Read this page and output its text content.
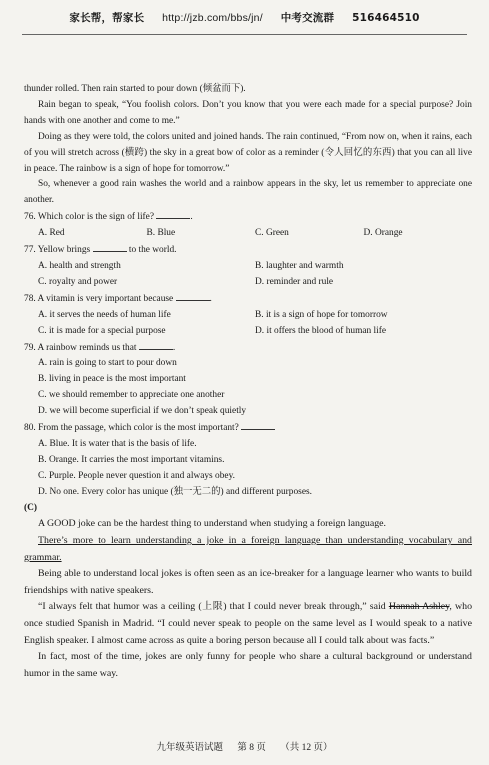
家长帮，帮家长 http://jzb.com/bbs/jn/ 中考交流群 516464510

thunder rolled. Then rain started to pour down (倾盆而下).

Rain began to speak, “You foolish colors. Don’t you know that you were each made for a special purpose? Join hands with one another and come to me.”

Doing as they were told, the colors united and joined hands. The rain continued, “From now on, when it rains, each of you will stretch across (横跨) the sky in a great bow of color as a reminder (令人回忆的东西) that you can all live in peace. The rainbow is a sign of hope for tomorrow.”

So, whenever a good rain washes the world and a rainbow appears in the sky, let us remember to appreciate one another.

76. Which color is the sign of life?	.

A. Red	B. Blue	C. Green	D. Orange

77. Yellow brings	to the world.

A. health and strength	B. laughter and warmth
C. royalty and power	D. reminder and rule

78. A vitamin is very important because	.

A. it serves the needs of human life	B. it is a sign of hope for tomorrow
C. it is made for a special purpose	D. it offers the blood of human life

79. A rainbow reminds us that	.

A. rain is going to start to pour down
B. living in peace is the most important
C. we should remember to appreciate one another
D. we will become superficial if we don’t speak quietly

80. From the passage, which color is the most important?

A. Blue. It is water that is the basis of life.
B. Orange. It carries the most important vitamins.
C. Purple. People never question it and always obey.
D. No one. Every color has unique (独一无二的) and different purposes.

(C)

A GOOD joke can be the hardest thing to understand when studying a foreign language.

There’s more to learn understanding a joke in a foreign language than understanding vocabulary and grammar.

Being able to understand local jokes is often seen as an ice-breaker for a language learner who wants to build friendships with native speakers.

“I always felt that humor was a ceiling (上限) that I could never break through,” said Hannah Ashley, who once studied Spanish in Madrid. “I could never speak to people on the same level as I would speak to a native English speaker. I almost came across as quite a boring person because all I could talk about was facts.”

In fact, most of the time, jokes are only funny for people who share a cultural background or understand humor in the same way.

九年级英语试题 第 8 页 （共 12 页）
